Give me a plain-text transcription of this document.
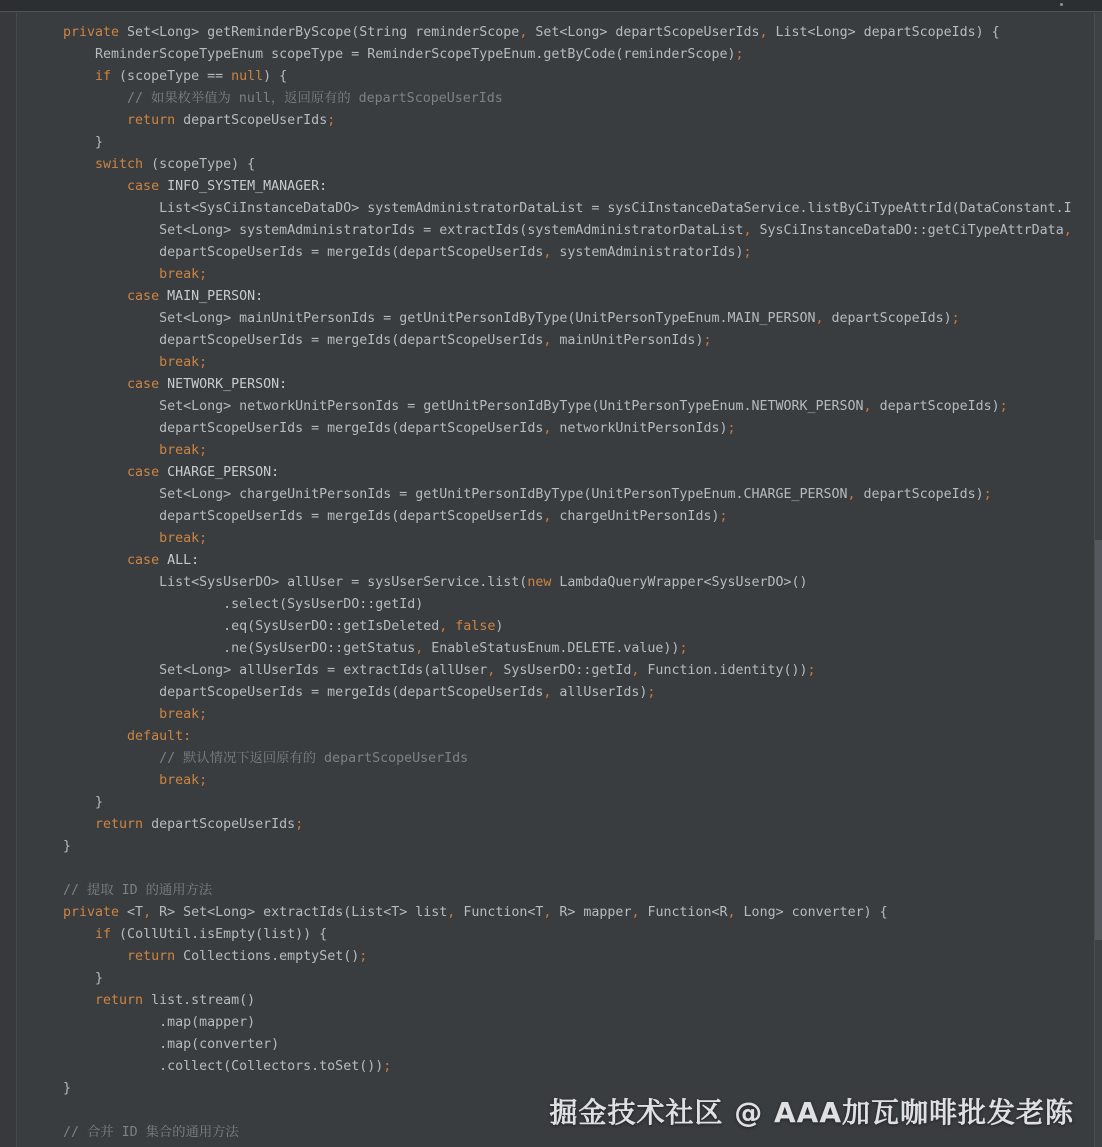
private Set<Long> getReminderByScope(String reminderScope, Set<Long> departScopeUserIds, List<Long> departScopeIds) {
ReminderScopeTypeEnum scopeType = ReminderScopeTypeEnum.getByCode(reminderScope);
if (scopeType == null) {
// 如果枚举值为 null，返回原有的 departScopeUserIds
return departScopeUserIds;
}
switch (scopeType) {
case INFO_SYSTEM_MANAGER:
List<SysCiInstanceDataDO> systemAdministratorDataList = sysCiInstanceDataService.listByCiTypeAttrId(DataConstant.I
Set<Long> systemAdministratorIds = extractIds(systemAdministratorDataList, SysCiInstanceDataDO::getCiTypeAttrData,
departScopeUserIds = mergeIds(departScopeUserIds, systemAdministratorIds);
break;
case MAIN_PERSON:
Set<Long> mainUnitPersonIds = getUnitPersonIdByType(UnitPersonTypeEnum.MAIN_PERSON, departScopeIds);
departScopeUserIds = mergeIds(departScopeUserIds, mainUnitPersonIds);
break;
case NETWORK_PERSON:
Set<Long> networkUnitPersonIds = getUnitPersonIdByType(UnitPersonTypeEnum.NETWORK_PERSON, departScopeIds);
departScopeUserIds = mergeIds(departScopeUserIds, networkUnitPersonIds);
break;
case CHARGE_PERSON:
Set<Long> chargeUnitPersonIds = getUnitPersonIdByType(UnitPersonTypeEnum.CHARGE_PERSON, departScopeIds);
departScopeUserIds = mergeIds(departScopeUserIds, chargeUnitPersonIds);
break;
case ALL:
List<SysUserDO> allUser = sysUserService.list(new LambdaQueryWrapper<SysUserDO>()
.select(SysUserDO::getId)
.eq(SysUserDO::getIsDeleted, false)
.ne(SysUserDO::getStatus, EnableStatusEnum.DELETE.value));
Set<Long> allUserIds = extractIds(allUser, SysUserDO::getId, Function.identity());
departScopeUserIds = mergeIds(departScopeUserIds, allUserIds);
break;
default:
// 默认情况下返回原有的 departScopeUserIds
break;
}
return departScopeUserIds;
}
// 提取 ID 的通用方法
private <T, R> Set<Long> extractIds(List<T> list, Function<T, R> mapper, Function<R, Long> converter) {
if (CollUtil.isEmpty(list)) {
return Collections.emptySet();
}
return list.stream()
.map(mapper)
.map(converter)
.collect(Collectors.toSet());
}
// 合并 ID 集合的通用方法
掘金技术社区 @ AAA加瓦咖啡批发老陈
